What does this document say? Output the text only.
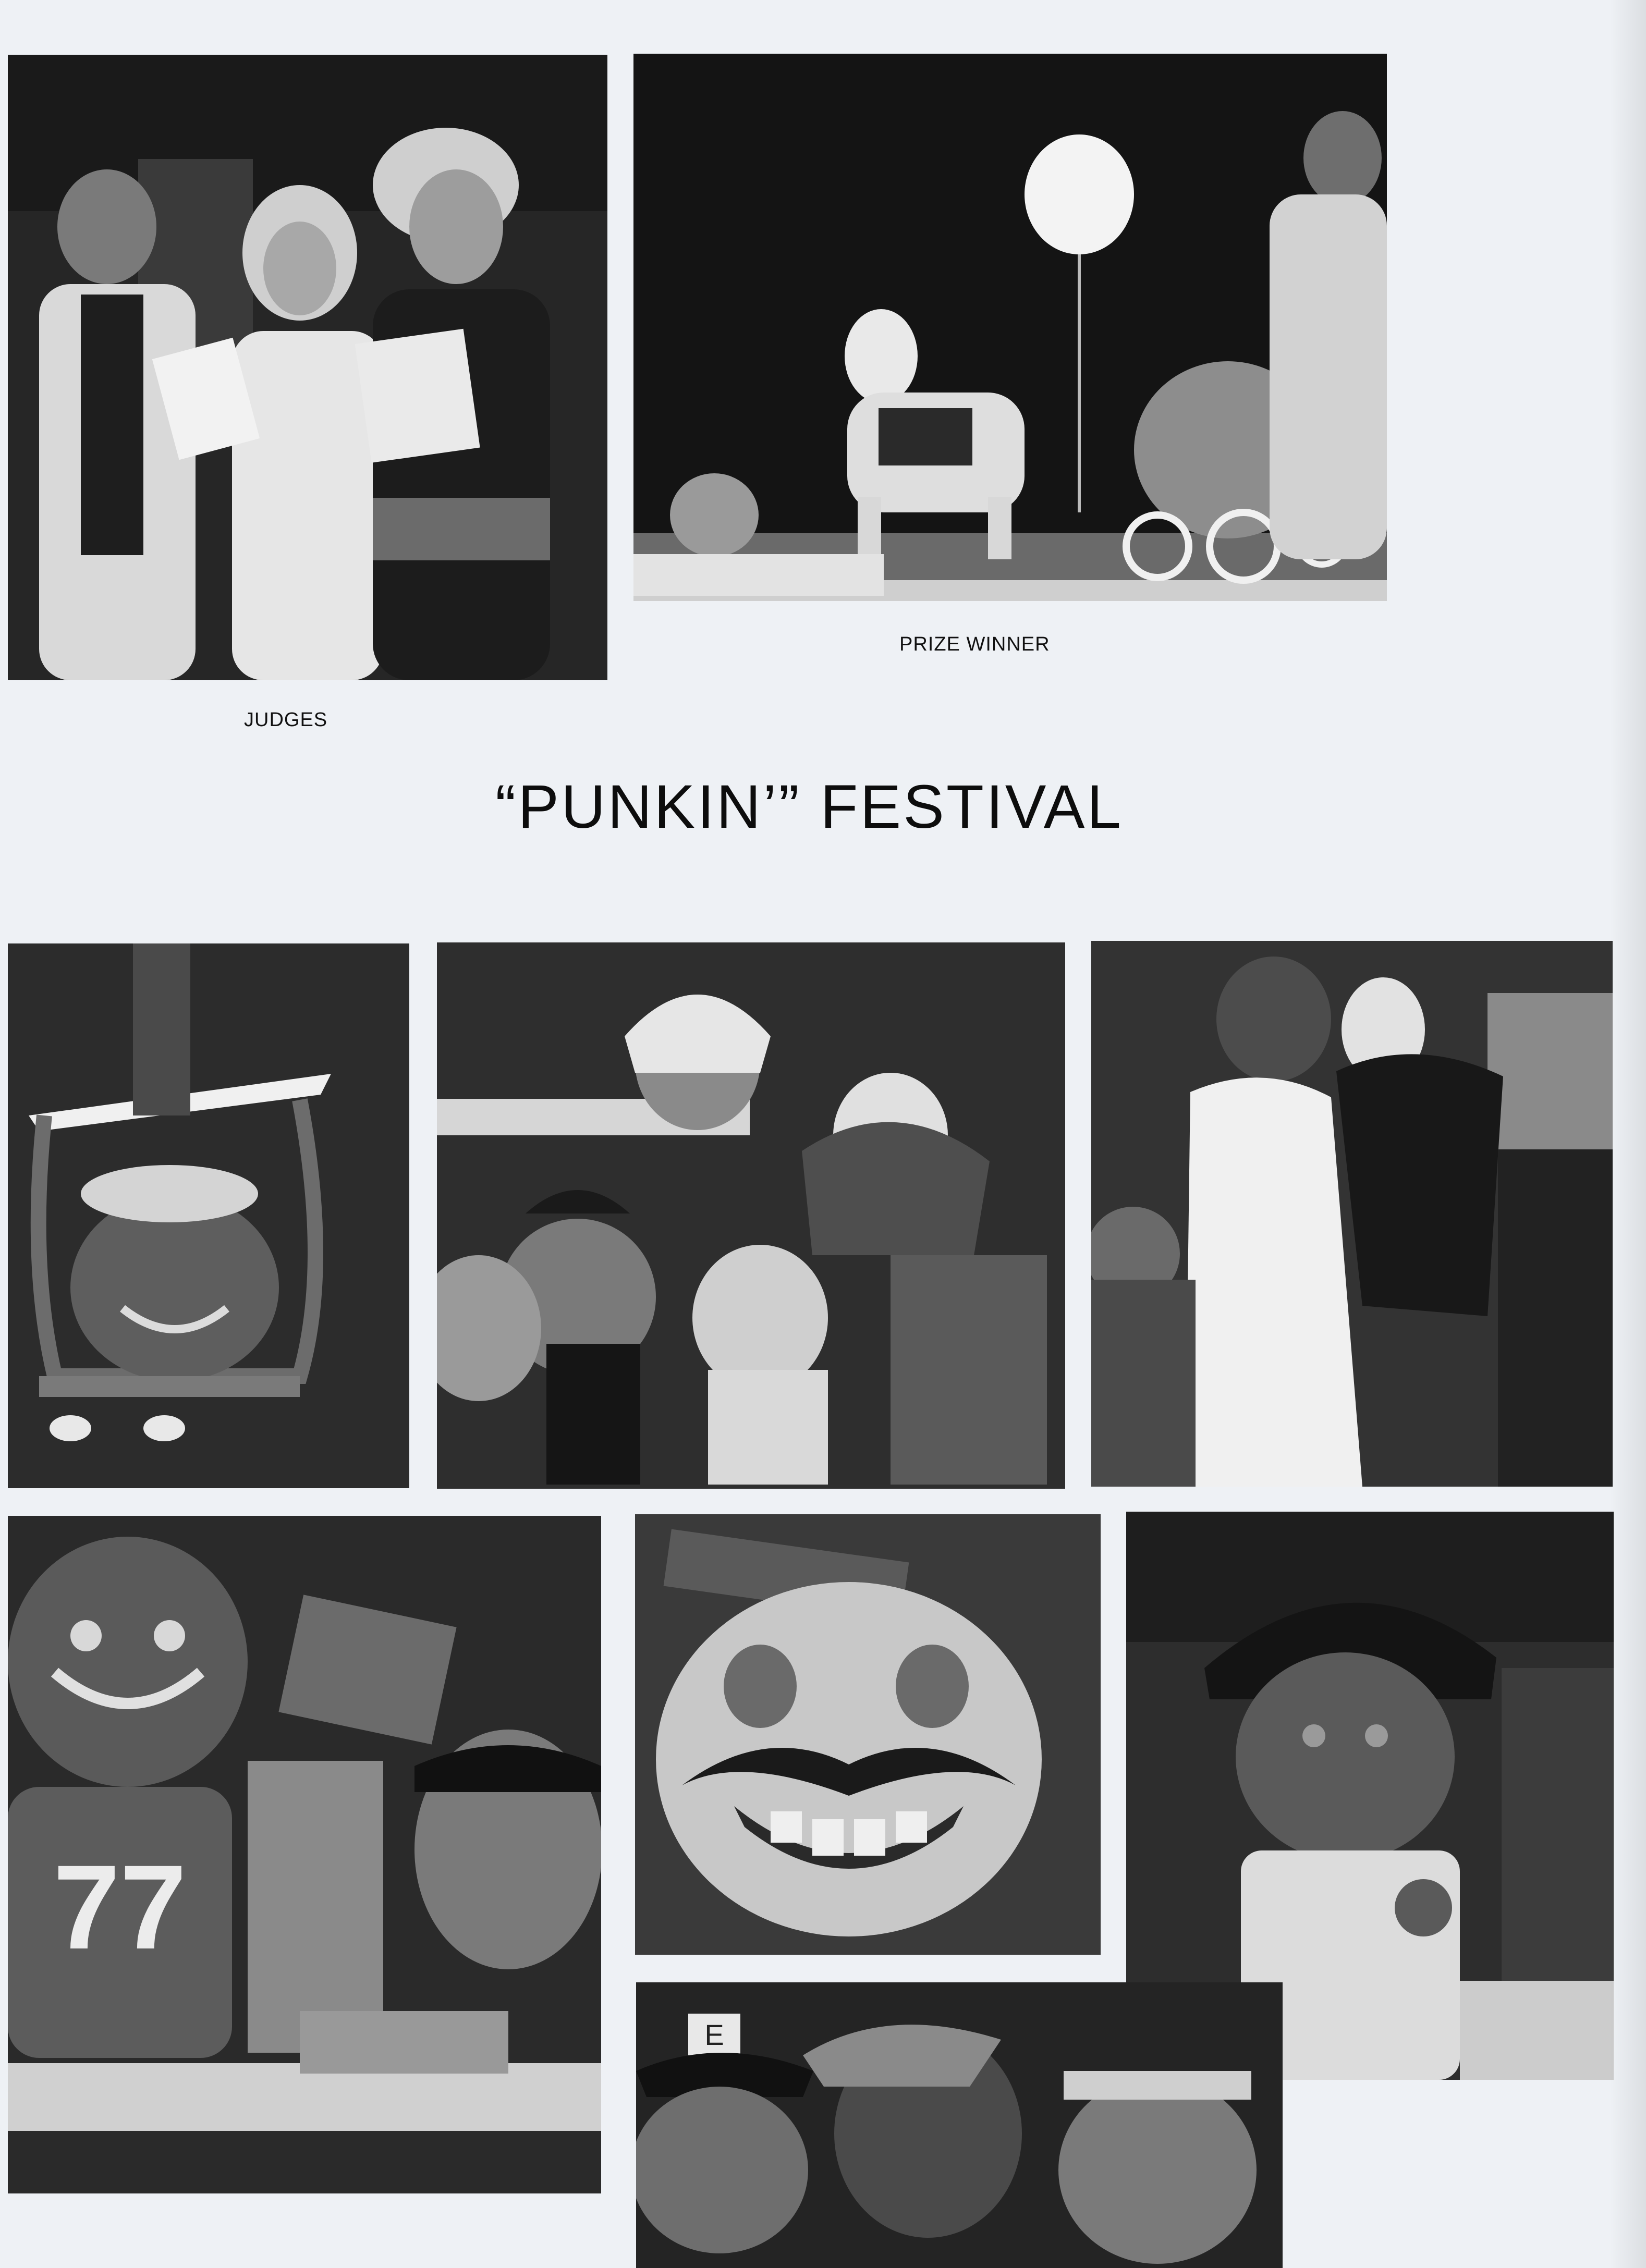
JUDGES
PRIZE WINNER
“PUNKIN’” FESTIVAL
77
E
